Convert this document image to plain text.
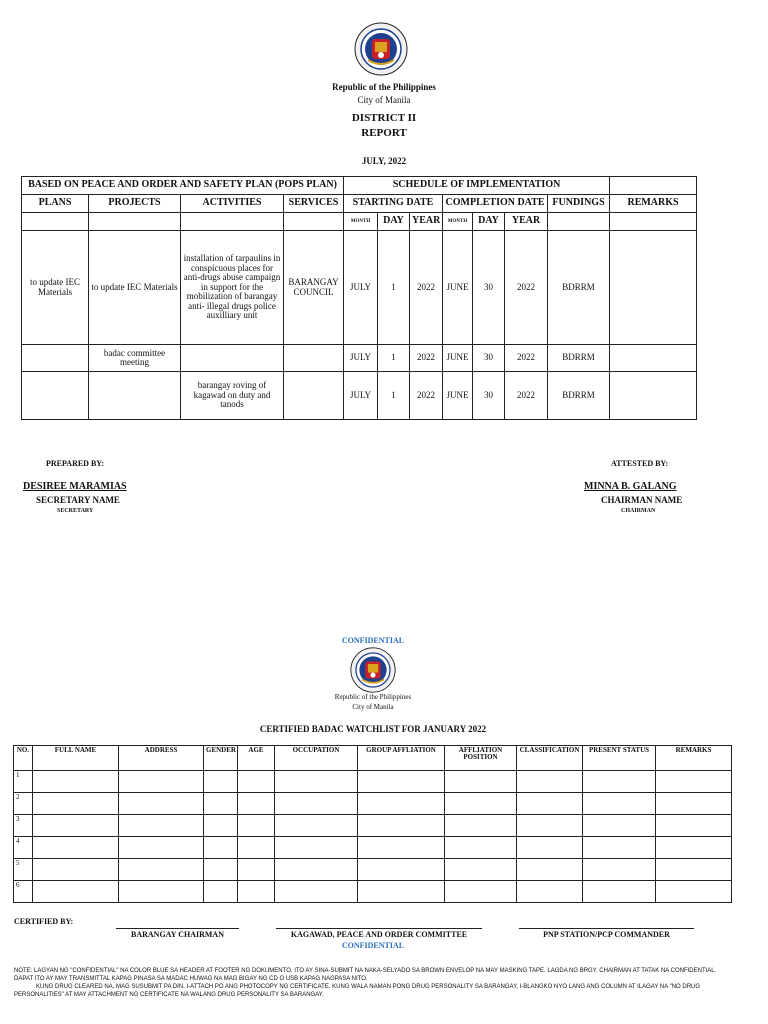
Republic of the Philippines
City of Manila
DISTRICT II
REPORT
JULY, 2022
BASED ON PEACE AND ORDER AND SAFETY PLAN (POPS PLAN)				SCHEDULE OF IMPLEMENTATION							
PLANS	PROJECTS	ACTIVITIES	SERVICES	STARTING DATE			COMPLETION DATE			FUNDINGS	REMARKS
				MONTH	DAY	YEAR	MONTH	DAY	YEAR		
to update IEC Materials	to update IEC Materials	installation of tarpaulins in conspicuous places for anti-drugs abuse campaign in support for the mobilization of barangay anti- illegal drugs police auxilliary unit	BARANGAY COUNCIL	JULY	1	2022	JUNE	30	2022	BDRRM	
	badac committee meeting			JULY	1	2022	JUNE	30	2022	BDRRM	
		barangay roving of kagawad on duty and tanods		JULY	1	2022	JUNE	30	2022	BDRRM	
PREPARED BY:
DESIREE MARAMIAS
SECRETARY NAME
SECRETARY
ATTESTED BY:
MINNA B. GALANG
CHAIRMAN NAME
CHAIRMAN
CONFIDENTIAL
Republic of the Philippines
City of Manila
CERTIFIED BADAC WATCHLIST FOR JANUARY 2022
NO.	FULL NAME	ADDRESS	GENDER	AGE	OCCUPATION	GROUP AFFLIATION	AFFLIATION POSITION	CLASSIFICATION	PRESENT STATUS	REMARKS
1										
2										
3										
4										
5										
6										
CERTIFIED BY:
BARANGAY CHAIRMAN	KAGAWAD, PEACE AND ORDER COMMITTEE	PNP STATION/PCP COMMANDER
CONFIDENTIAL
NOTE: LAGYAN NG "CONFIDENTIAL" NA COLOR BLUE SA HEADER AT FOOTER NG DOKUMENTO. ITO AY SINA-SUBMIT NA NAKA-SELYADO SA BROWN ENVELOP NA MAY MASKING TAPE. LAGDA NG BRGY. CHAIRMAN AT TATAK NA CONFIDENTIAL. DAPAT ITO AY MAY TRANSMITTAL KAPAG PINASA SA MADAC HUWAG NA MAG BIGAY NG CD O USB KAPAG NAGPASA NITO.
KUNG DRUG CLEARED NA, MAG SUSUBMIT PA DIN. I-ATTACH PO ANG PHOTOCOPY NG CERTIFICATE. KUNG WALA NAMAN PONG DRUG PERSONALITY SA BARANGAY, I-BLANGKO NYO LANG ANG COLUMN AT ILAGAY NA "NO DRUG PERSONALITIES" AT MAY ATTACHMENT NG CERTIFICATE NA WALANG DRUG PERSONALITY SA BARANGAY.
